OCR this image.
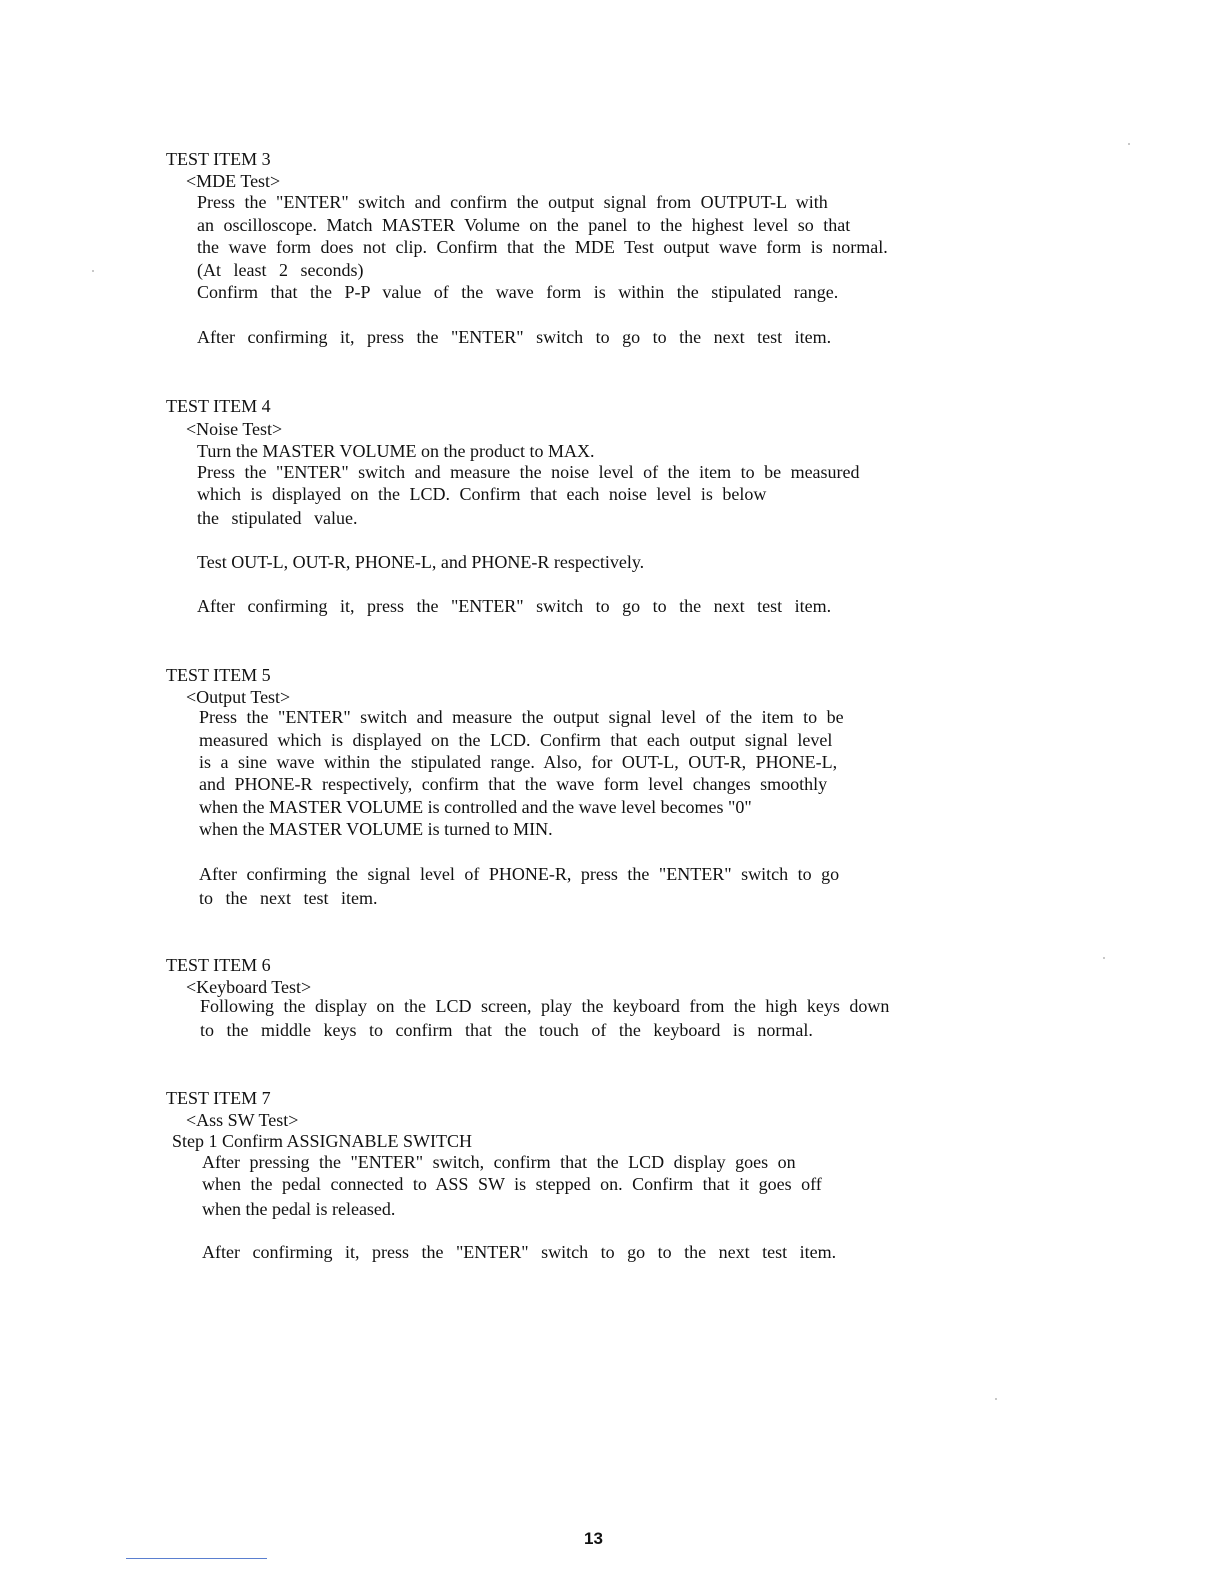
TEST ITEM 3
<MDE Test>
Press the "ENTER" switch and confirm the output signal from OUTPUT-L with
an oscilloscope. Match MASTER Volume on the panel to the highest level so that
the wave form does not clip. Confirm that the MDE Test output wave form is normal.
(At least 2 seconds)
Confirm that the P-P value of the wave form is within the stipulated range.
After confirming it, press the "ENTER" switch to go to the next test item.
TEST ITEM 4
<Noise Test>
Turn the MASTER VOLUME on the product to MAX.
Press the "ENTER" switch and measure the noise level of the item to be measured
which is displayed on the LCD. Confirm that each noise level is below
the stipulated value.
Test OUT-L, OUT-R, PHONE-L, and PHONE-R respectively.
After confirming it, press the "ENTER" switch to go to the next test item.
TEST ITEM 5
<Output Test>
Press the "ENTER" switch and measure the output signal level of the item to be
measured which is displayed on the LCD. Confirm that each output signal level
is a sine wave within the stipulated range. Also, for OUT-L, OUT-R, PHONE-L,
and PHONE-R respectively, confirm that the wave form level changes smoothly
when the MASTER VOLUME is controlled and the wave level becomes "0"
when the MASTER VOLUME is turned to MIN.
After confirming the signal level of PHONE-R, press the "ENTER" switch to go
to the next test item.
TEST ITEM 6
<Keyboard Test>
Following the display on the LCD screen, play the keyboard from the high keys down
to the middle keys to confirm that the touch of the keyboard is normal.
TEST ITEM 7
<Ass SW Test>
Step 1 Confirm ASSIGNABLE SWITCH
After pressing the "ENTER" switch, confirm that the LCD display goes on
when the pedal connected to ASS SW is stepped on. Confirm that it goes off
when the pedal is released.
After confirming it, press the "ENTER" switch to go to the next test item.
13
